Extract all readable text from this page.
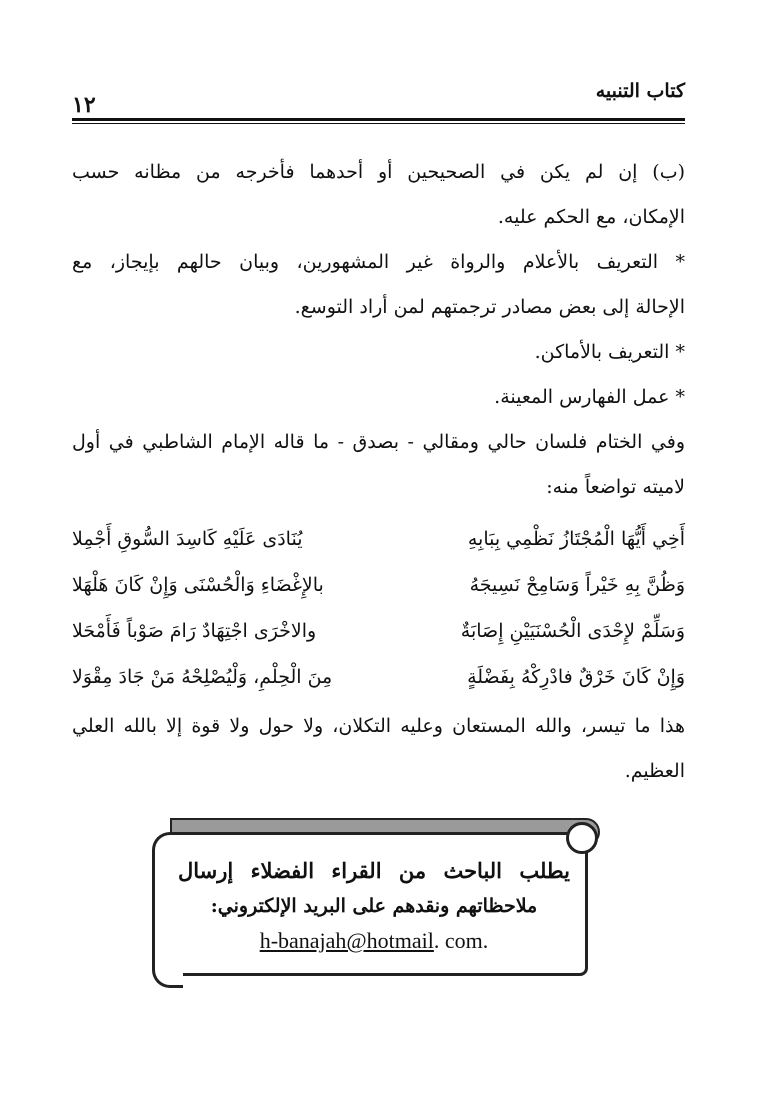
١٢
كتاب التنبيه

(ب) إن لم يكن في الصحيحين أو أحدهما فأخرجه من مظانه حسب

الإمكان، مع الحكم عليه.

* التعريف بالأعلام والرواة غير المشهورين، وبيان حالهم بإيجاز، مع

الإحالة إلى بعض مصادر ترجمتهم لمن أراد التوسع.

* التعريف بالأماكن.

* عمل الفهارس المعينة.

وفي الختام فلسان حالي ومقالي - بصدق - ما قاله الإمام الشاطبي في أول

لاميته تواضعاً منه:

أَخِي أَيُّهَا الْمُجْتَازُ نَظْمِي بِبَابِهِ
يُنَادَى عَلَيْهِ كَاسِدَ السُّوقِ أَجْمِلا
وَظُنَّ بِهِ خَيْراً وَسَامِحْ نَسِيجَهُ
بالإِغْضَاءِ وَالْحُسْنَى وَإِنْ كَانَ هَلْهَلا
وَسَلِّمْ لإِحْدَى الْحُسْنَيَيْنِ إِصَابَةٌ
والاخْرَى اجْتِهَادٌ رَامَ صَوْباً فَأَمْحَلا
وَإِنْ كَانَ خَرْقٌ فادْرِكْهُ بِفَضْلَةٍ
مِنَ الْحِلْمِ، وَلْيُصْلِحْهُ مَنْ جَادَ مِقْوَلا

هذا ما تيسر، والله المستعان وعليه التكلان، ولا حول ولا قوة إلا بالله العلي

العظيم.

يطلب الباحث من القراء الفضلاء إرسال
ملاحظاتهم ونقدهم على البريد الإلكتروني:
h-banajah@hotmail. com.
